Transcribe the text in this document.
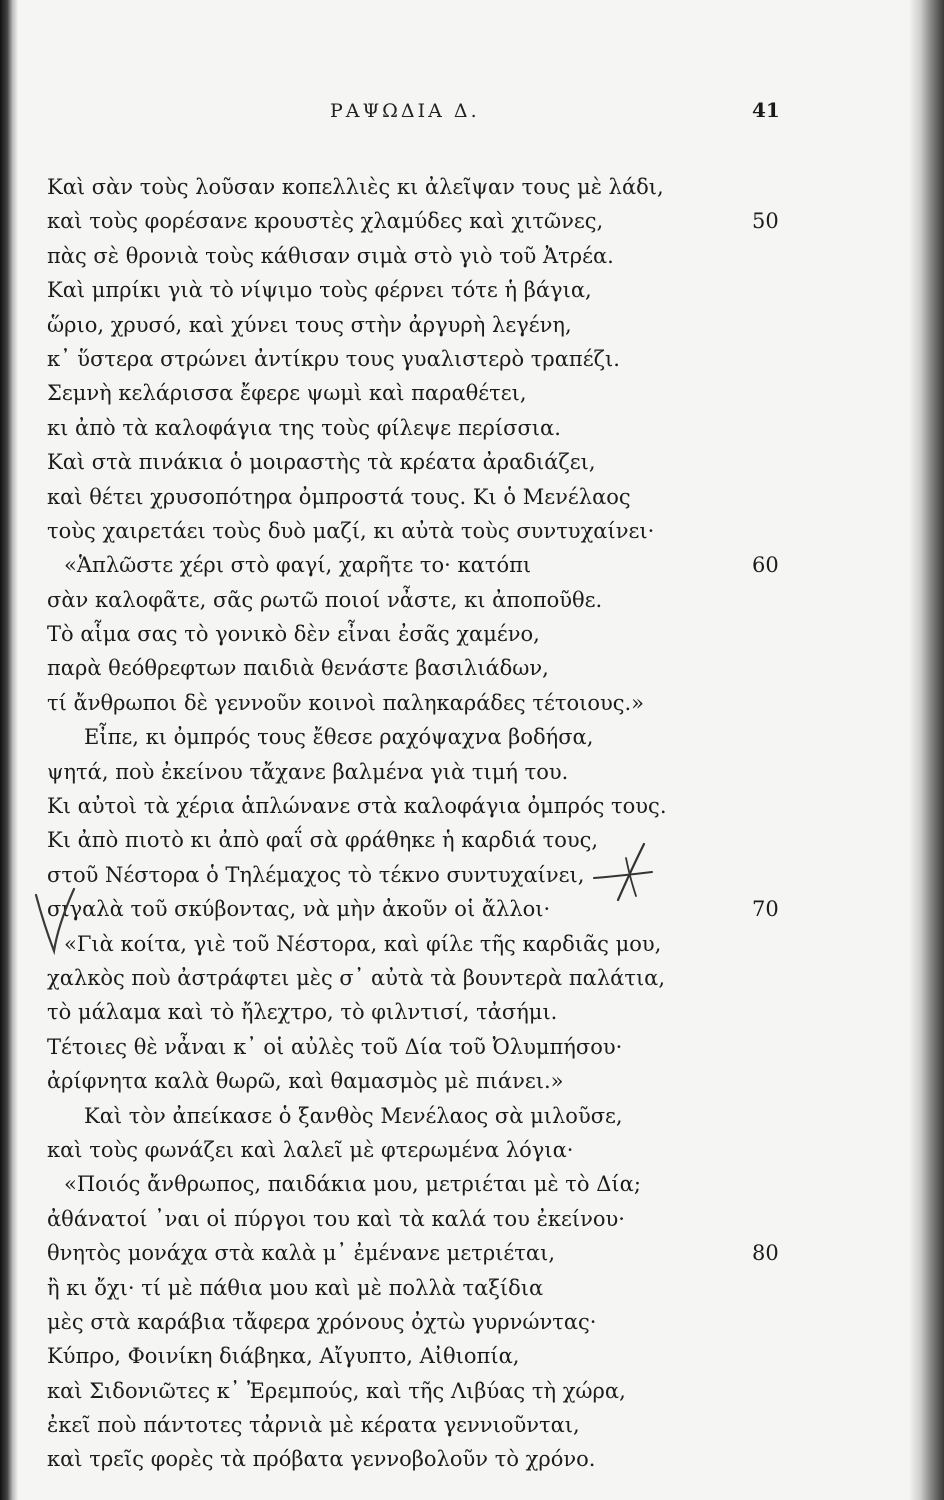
ΡΑΨΩΔΙΑ Δ.	41
Καὶ σὰν τοὺς λοῦσαν κοπελλιὲς κι ἀλεῖψαν τους μὲ λάδι,
καὶ τοὺς φορέσανε κρουστὲς χλαμύδες καὶ χιτῶνες,	50
πὰς σὲ θρονιὰ τοὺς κάθισαν σιμὰ στὸ γιὸ τοῦ Ἀτρέα.
Καὶ μπρίκι γιὰ τὸ νίψιμο τοὺς φέρνει τότε ἡ βάγια,
ὥριο, χρυσό, καὶ χύνει τους στὴν ἀργυρὴ λεγένη,
κ᾽ ὕστερα στρώνει ἀντίκρυ τους γυαλιστερὸ τραπέζι.
Σεμνὴ κελάρισσα ἔφερε ψωμὶ καὶ παραθέτει,
κι ἀπὸ τὰ καλοφάγια της τοὺς φίλεψε περίσσια.
Καὶ στὰ πινάκια ὁ μοιραστὴς τὰ κρέατα ἀραδιάζει,
καὶ θέτει χρυσοπότηρα ὀμπροστά τους. Κι ὁ Μενέλαος
τοὺς χαιρετάει τοὺς δυὸ μαζί, κι αὐτὰ τοὺς συντυχαίνει·
«Ἁπλῶστε χέρι στὸ φαγί, χαρῆτε το· κατόπι	60
σὰν καλοφᾶτε, σᾶς ρωτῶ ποιοί νἆστε, κι ἀποποῦθε.
Τὸ αἷμα σας τὸ γονικὸ δὲν εἶναι ἐσᾶς χαμένο,
παρὰ θεόθρεφτων παιδιὰ θενάστε βασιλιάδων,
τί ἄνθρωποι δὲ γεννοῦν κοινοὶ παληκαράδες τέτοιους.»
Εἶπε, κι ὀμπρός τους ἔθεσε ραχόψαχνα βοδήσα,
ψητά, ποὺ ἐκείνου τἄχανε βαλμένα γιὰ τιμή του.
Κι αὐτοὶ τὰ χέρια ἁπλώνανε στὰ καλοφάγια ὀμπρός τους.
Κι ἀπὸ πιοτὸ κι ἀπὸ φαΐ σὰ φράθηκε ἡ καρδιά τους,
στοῦ Νέστορα ὁ Τηλέμαχος τὸ τέκνο συντυχαίνει,
σιγαλὰ τοῦ σκύβοντας, νὰ μὴν ἀκοῦν οἱ ἄλλοι·	70
«Γιὰ κοίτα, γιὲ τοῦ Νέστορα, καὶ φίλε τῆς καρδιᾶς μου,
χαλκὸς ποὺ ἀστράφτει μὲς σ᾽ αὐτὰ τὰ βουντερὰ παλάτια,
τὸ μάλαμα καὶ τὸ ἤλεχτρο, τὸ φιλντισί, τἀσήμι.
Τέτοιες θὲ νἆναι κ᾽ οἱ αὐλὲς τοῦ Δία τοῦ Ὀλυμπήσου·
ἀρίφνητα καλὰ θωρῶ, καὶ θαμασμὸς μὲ πιάνει.»
Καὶ τὸν ἀπείκασε ὁ ξανθὸς Μενέλαος σὰ μιλοῦσε,
καὶ τοὺς φωνάζει καὶ λαλεῖ μὲ φτερωμένα λόγια·
«Ποιός ἄνθρωπος, παιδάκια μου, μετριέται μὲ τὸ Δία;
ἀθάνατοί ᾽ναι οἱ πύργοι του καὶ τὰ καλά του ἐκείνου·
θνητὸς μονάχα στὰ καλὰ μ᾽ ἐμένανε μετριέται,	80
ἢ κι ὄχι· τί μὲ πάθια μου καὶ μὲ πολλὰ ταξίδια
μὲς στὰ καράβια τἄφερα χρόνους ὀχτὼ γυρνώντας·
Κύπρο, Φοινίκη διάβηκα, Αἴγυπτο, Αἰθιοπία,
καὶ Σιδονιῶτες κ᾽ Ἐρεμπούς, καὶ τῆς Λιβύας τὴ χώρα,
ἐκεῖ ποὺ πάντοτες τἀρνιὰ μὲ κέρατα γεννιοῦνται,
καὶ τρεῖς φορὲς τὰ πρόβατα γεννοβολοῦν τὸ χρόνο.
